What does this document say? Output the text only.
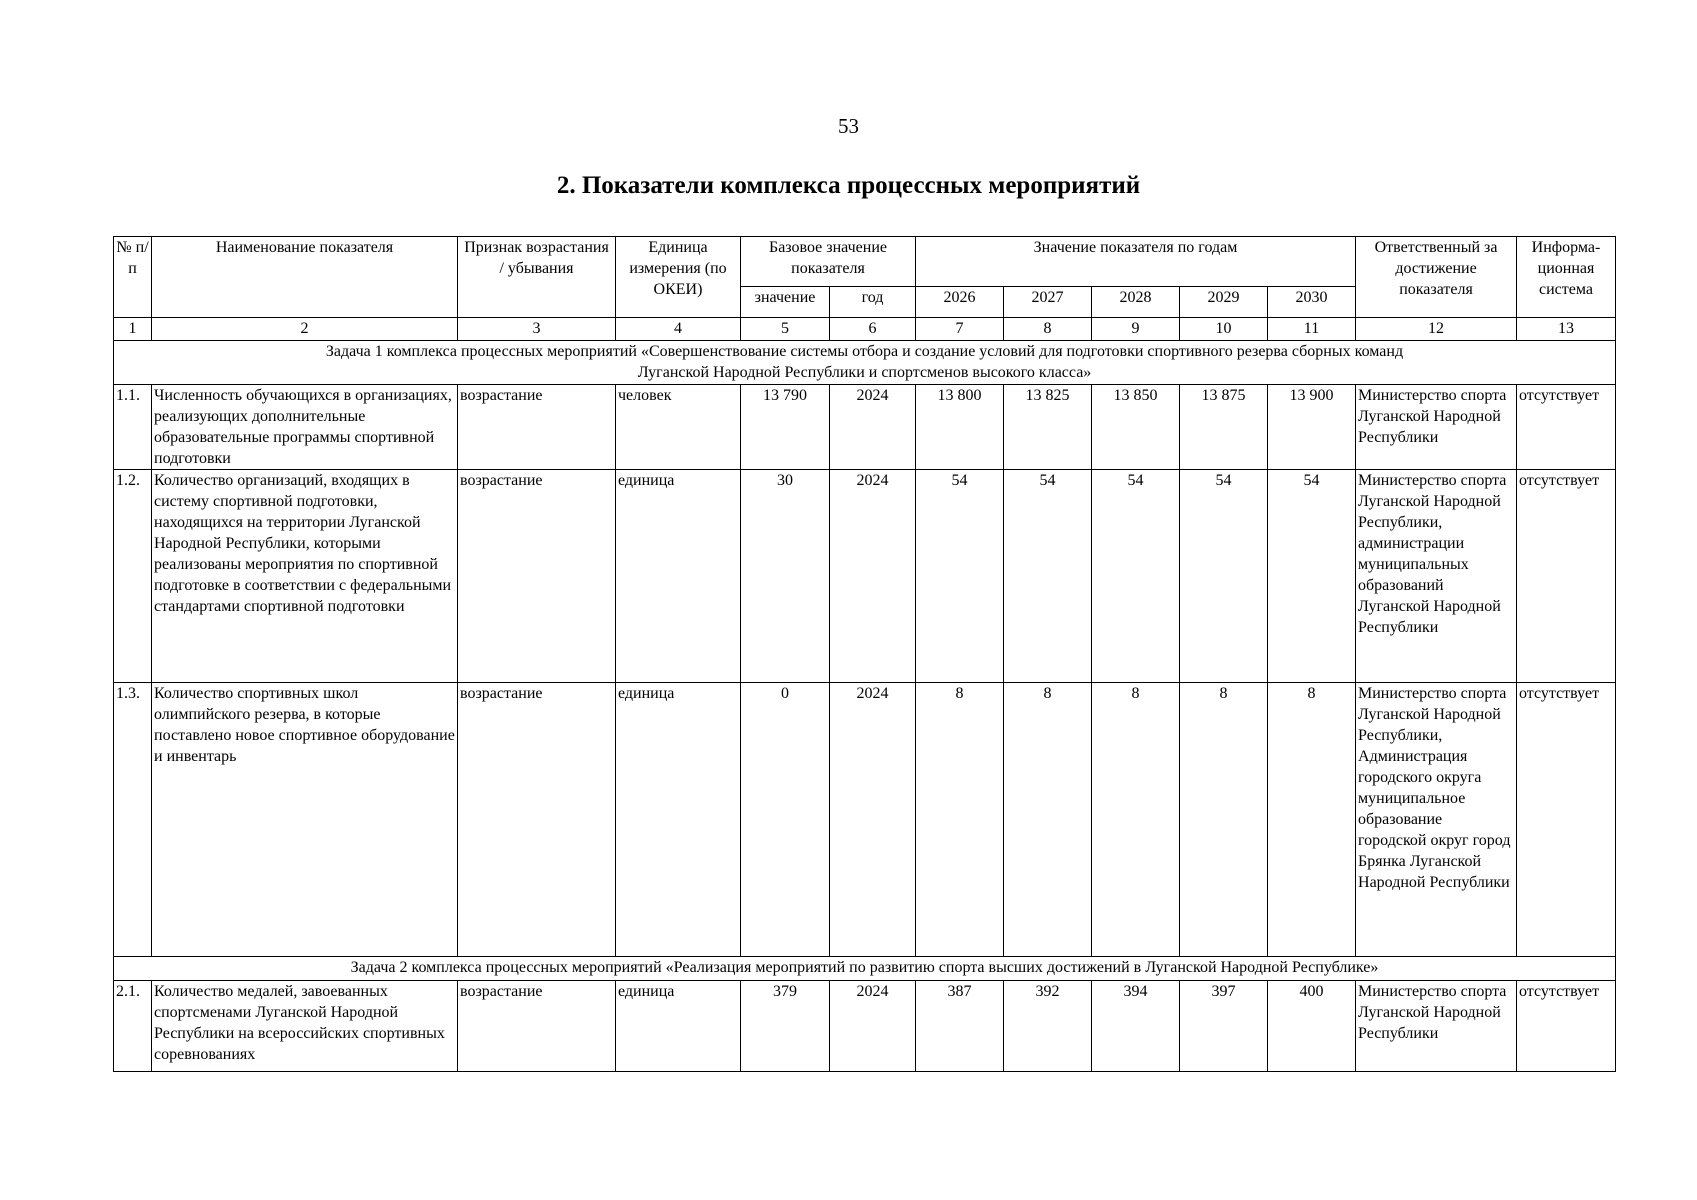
53
2. Показатели комплекса процессных мероприятий
№ п/п	Наименование показателя	Признак возрастания / убывания	Единица измерения (по ОКЕИ)	Базовое значение показателя		Значение показателя по годам					Ответственный за достижение показателя	Информа-ционная система
				значение	год	2026	2027	2028	2029	2030		
1	2	3	4	5	6	7	8	9	10	11	12	13
Задача 1 комплекса процессных мероприятий «Совершенствование системы отбора и создание условий для подготовки спортивного резерва сборных команд Луганской Народной Республики и спортсменов высокого класса»												
1.1.	Численность обучающихся в организациях, реализующих дополнительные образовательные программы спортивной подготовки	возрастание	человек	13 790	2024	13 800	13 825	13 850	13 875	13 900	Министерство спорта Луганской Народной Республики	отсутствует
1.2.	Количество организаций, входящих в систему спортивной подготовки, находящихся на территории Луганской Народной Республики, которыми реализованы мероприятия по спортивной подготовке в соответствии с федеральными стандартами спортивной подготовки	возрастание	единица	30	2024	54	54	54	54	54	Министерство спорта Луганской Народной Республики, администрации муниципальных образований Луганской Народной Республики	отсутствует
1.3.	Количество спортивных школ олимпийского резерва, в которые поставлено новое спортивное оборудование и инвентарь	возрастание	единица	0	2024	8	8	8	8	8	Министерство спорта Луганской Народной Республики, Администрация городского округа муниципальное образование городской округ город Брянка Луганской Народной Республики	отсутствует
Задача 2 комплекса процессных мероприятий «Реализация мероприятий по развитию спорта высших достижений в Луганской Народной Республике»												
2.1.	Количество медалей, завоеванных спортсменами Луганской Народной Республики на всероссийских спортивных соревнованиях	возрастание	единица	379	2024	387	392	394	397	400	Министерство спорта Луганской Народной Республики	отсутствует
